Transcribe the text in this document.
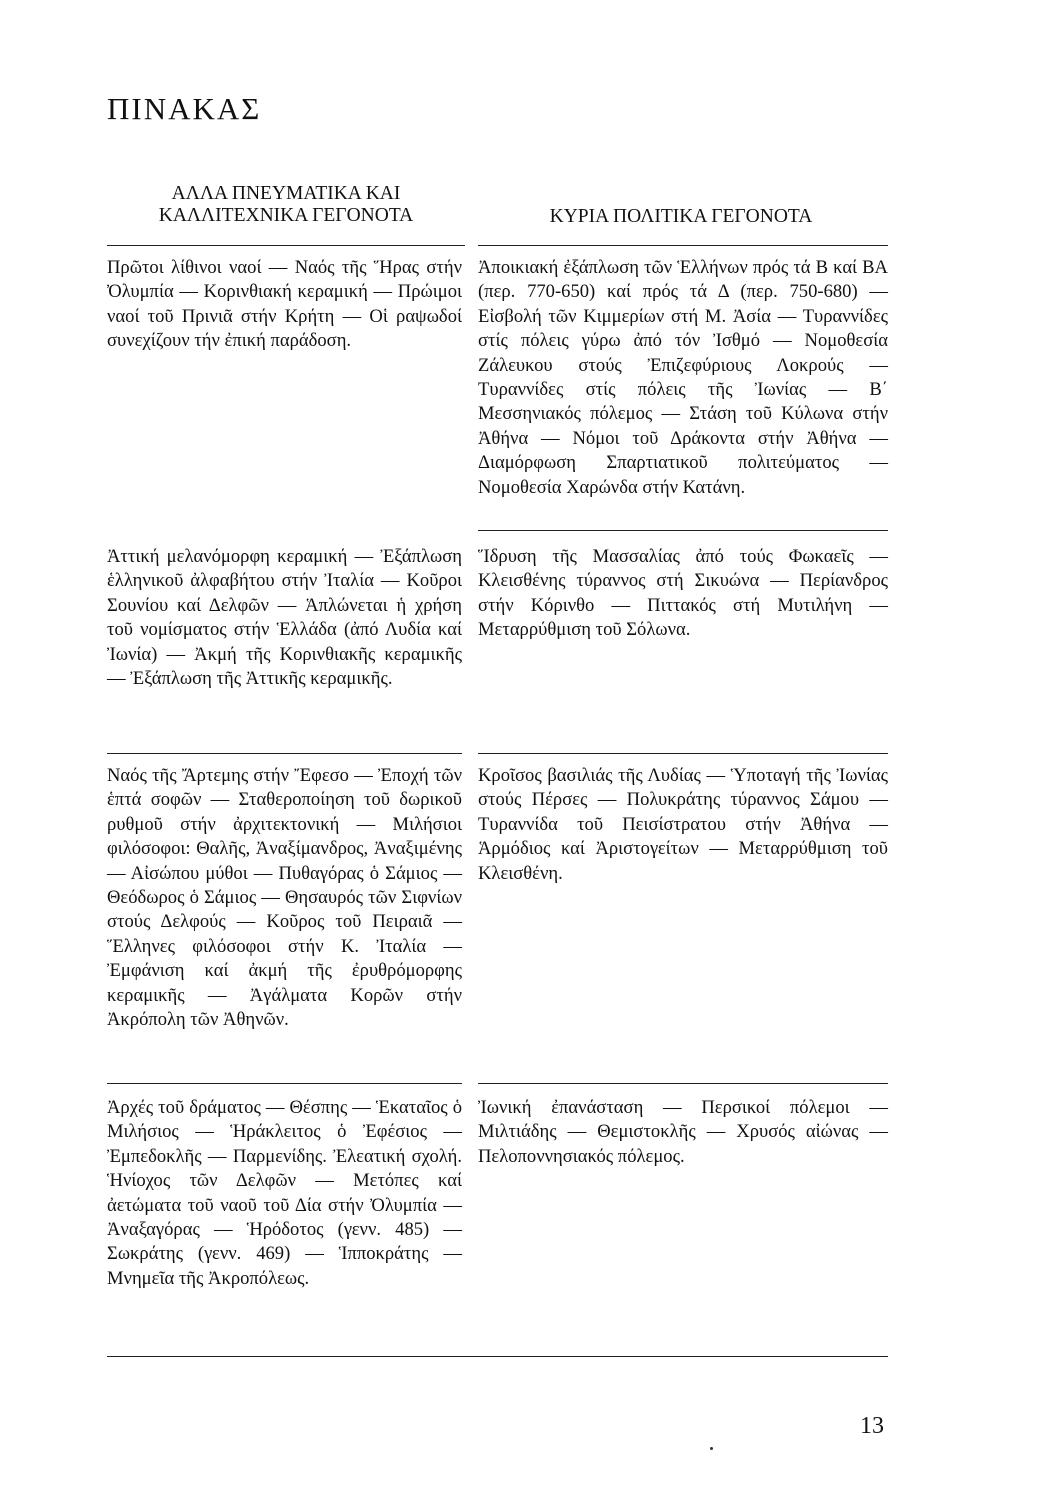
ΠΙΝΑΚΑΣ
ΑΛΛΑ ΠΝΕΥΜΑΤΙΚΑ ΚΑΙ ΚΑΛΛΙΤΕΧΝΙΚΑ ΓΕΓΟΝΟΤΑ	ΚΥΡΙΑ ΠΟΛΙΤΙΚΑ ΓΕΓΟΝΟΤΑ
Πρῶτοι λίθινοι ναοί — Ναός τῆς Ἥρας στήν Ὀλυμπία — Κορινθιακή κεραμική — Πρώιμοι ναοί τοῦ Πρινιᾶ στήν Κρήτη — Οἱ ραψωδοί συνεχίζουν τήν ἐπική παράδοση.
Ἀποικιακή ἐξάπλωση τῶν Ἑλλήνων πρός τά Β καί ΒΑ (περ. 770-650) καί πρός τά Δ (περ. 750-680) — Εἰσβολή τῶν Κιμμερίων στή Μ. Ἀσία — Τυραννίδες στίς πόλεις γύρω ἀπό τόν Ἰσθμό — Νομοθεσία Ζάλευκου στούς Ἐπιζεφύριους Λοκρούς — Τυραννίδες στίς πόλεις τῆς Ἰωνίας — Β΄ Μεσσηνιακός πόλεμος — Στάση τοῦ Κύλωνα στήν Ἀθήνα — Νόμοι τοῦ Δράκοντα στήν Ἀθήνα — Διαμόρφωση Σπαρτιατικοῦ πολιτεύματος — Νομοθεσία Χαρώνδα στήν Κατάνη.
Ἀττική μελανόμορφη κεραμική — Ἐξάπλωση ἑλληνικοῦ ἀλφαβήτου στήν Ἰταλία — Κοῦροι Σουνίου καί Δελφῶν — Ἁπλώνεται ἡ χρήση τοῦ νομίσματος στήν Ἑλλάδα (ἀπό Λυδία καί Ἰωνία) — Ἀκμή τῆς Κορινθιακῆς κεραμικῆς — Ἐξάπλωση τῆς Ἀττικῆς κεραμικῆς.
Ἵδρυση τῆς Μασσαλίας ἀπό τούς Φωκαεῖς — Κλεισθένης τύραννος στή Σικυώνα — Περίανδρος στήν Κόρινθο — Πιττακός στή Μυτιλήνη — Μεταρρύθμιση τοῦ Σόλωνα.
Ναός τῆς Ἄρτεμης στήν Ἔφεσο — Ἐποχή τῶν ἑπτά σοφῶν — Σταθεροποίηση τοῦ δωρικοῦ ρυθμοῦ στήν ἀρχιτεκτονική — Μιλήσιοι φιλόσοφοι: Θαλῆς, Ἀναξίμανδρος, Ἀναξιμένης — Αἰσώπου μύθοι — Πυθαγόρας ὁ Σάμιος — Θεόδωρος ὁ Σάμιος — Θησαυρός τῶν Σιφνίων στούς Δελφούς — Κοῦρος τοῦ Πειραιᾶ — Ἕλληνες φιλόσοφοι στήν Κ. Ἰταλία — Ἐμφάνιση καί ἀκμή τῆς ἐρυθρόμορφης κεραμικῆς — Ἀγάλματα Κορῶν στήν Ἀκρόπολη τῶν Ἀθηνῶν.
Κροῖσος βασιλιάς τῆς Λυδίας — Ὑποταγή τῆς Ἰωνίας στούς Πέρσες — Πολυκράτης τύραννος Σάμου — Τυραννίδα τοῦ Πεισίστρατου στήν Ἀθήνα — Ἁρμόδιος καί Ἀριστογείτων — Μεταρρύθμιση τοῦ Κλεισθένη.
Ἀρχές τοῦ δράματος — Θέσπης — Ἑκαταῖος ὁ Μιλήσιος — Ἡράκλειτος ὁ Ἐφέσιος — Ἐμπεδοκλῆς — Παρμενίδης. Ἐλεατική σχολή. Ἡνίοχος τῶν Δελφῶν — Μετόπες καί ἀετώματα τοῦ ναοῦ τοῦ Δία στήν Ὀλυμπία — Ἀναξαγόρας — Ἡρόδοτος (γενν. 485) — Σωκράτης (γενν. 469) — Ἱπποκράτης — Μνημεῖα τῆς Ἀκροπόλεως.
Ἰωνική ἐπανάσταση — Περσικοί πόλεμοι — Μιλτιάδης — Θεμιστοκλῆς — Χρυσός αἰώνας — Πελοποννησιακός πόλεμος.
13
